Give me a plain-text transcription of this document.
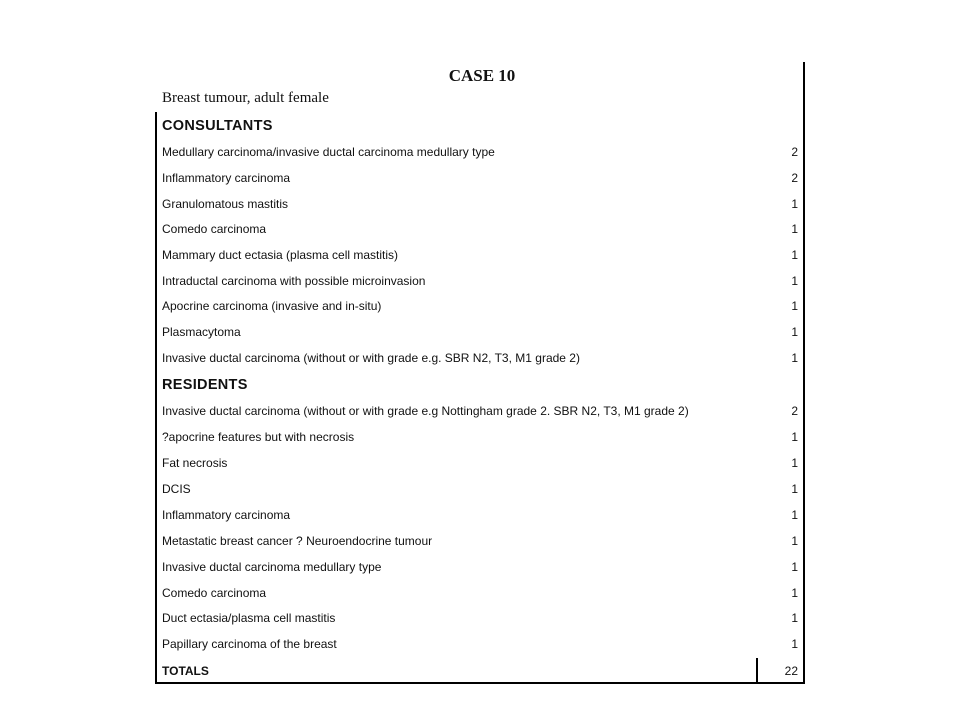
CASE 10
Breast tumour, adult female
CONSULTANTS
Medullary carcinoma/invasive ductal carcinoma medullary type	2
Inflammatory carcinoma	2
Granulomatous mastitis	1
Comedo carcinoma	1
Mammary duct ectasia (plasma cell mastitis)	1
Intraductal carcinoma with possible microinvasion	1
Apocrine carcinoma (invasive and in-situ)	1
Plasmacytoma	1
Invasive ductal carcinoma (without or with grade e.g. SBR N2, T3, M1 grade 2)	1
RESIDENTS
Invasive ductal carcinoma (without or with grade e.g Nottingham grade 2. SBR N2, T3, M1 grade 2)	2
?apocrine features but with necrosis	1
Fat necrosis	1
DCIS	1
Inflammatory carcinoma	1
Metastatic breast cancer ? Neuroendocrine tumour	1
Invasive ductal carcinoma medullary type	1
Comedo carcinoma	1
Duct ectasia/plasma cell mastitis	1
Papillary carcinoma of the breast	1
TOTALS	22
